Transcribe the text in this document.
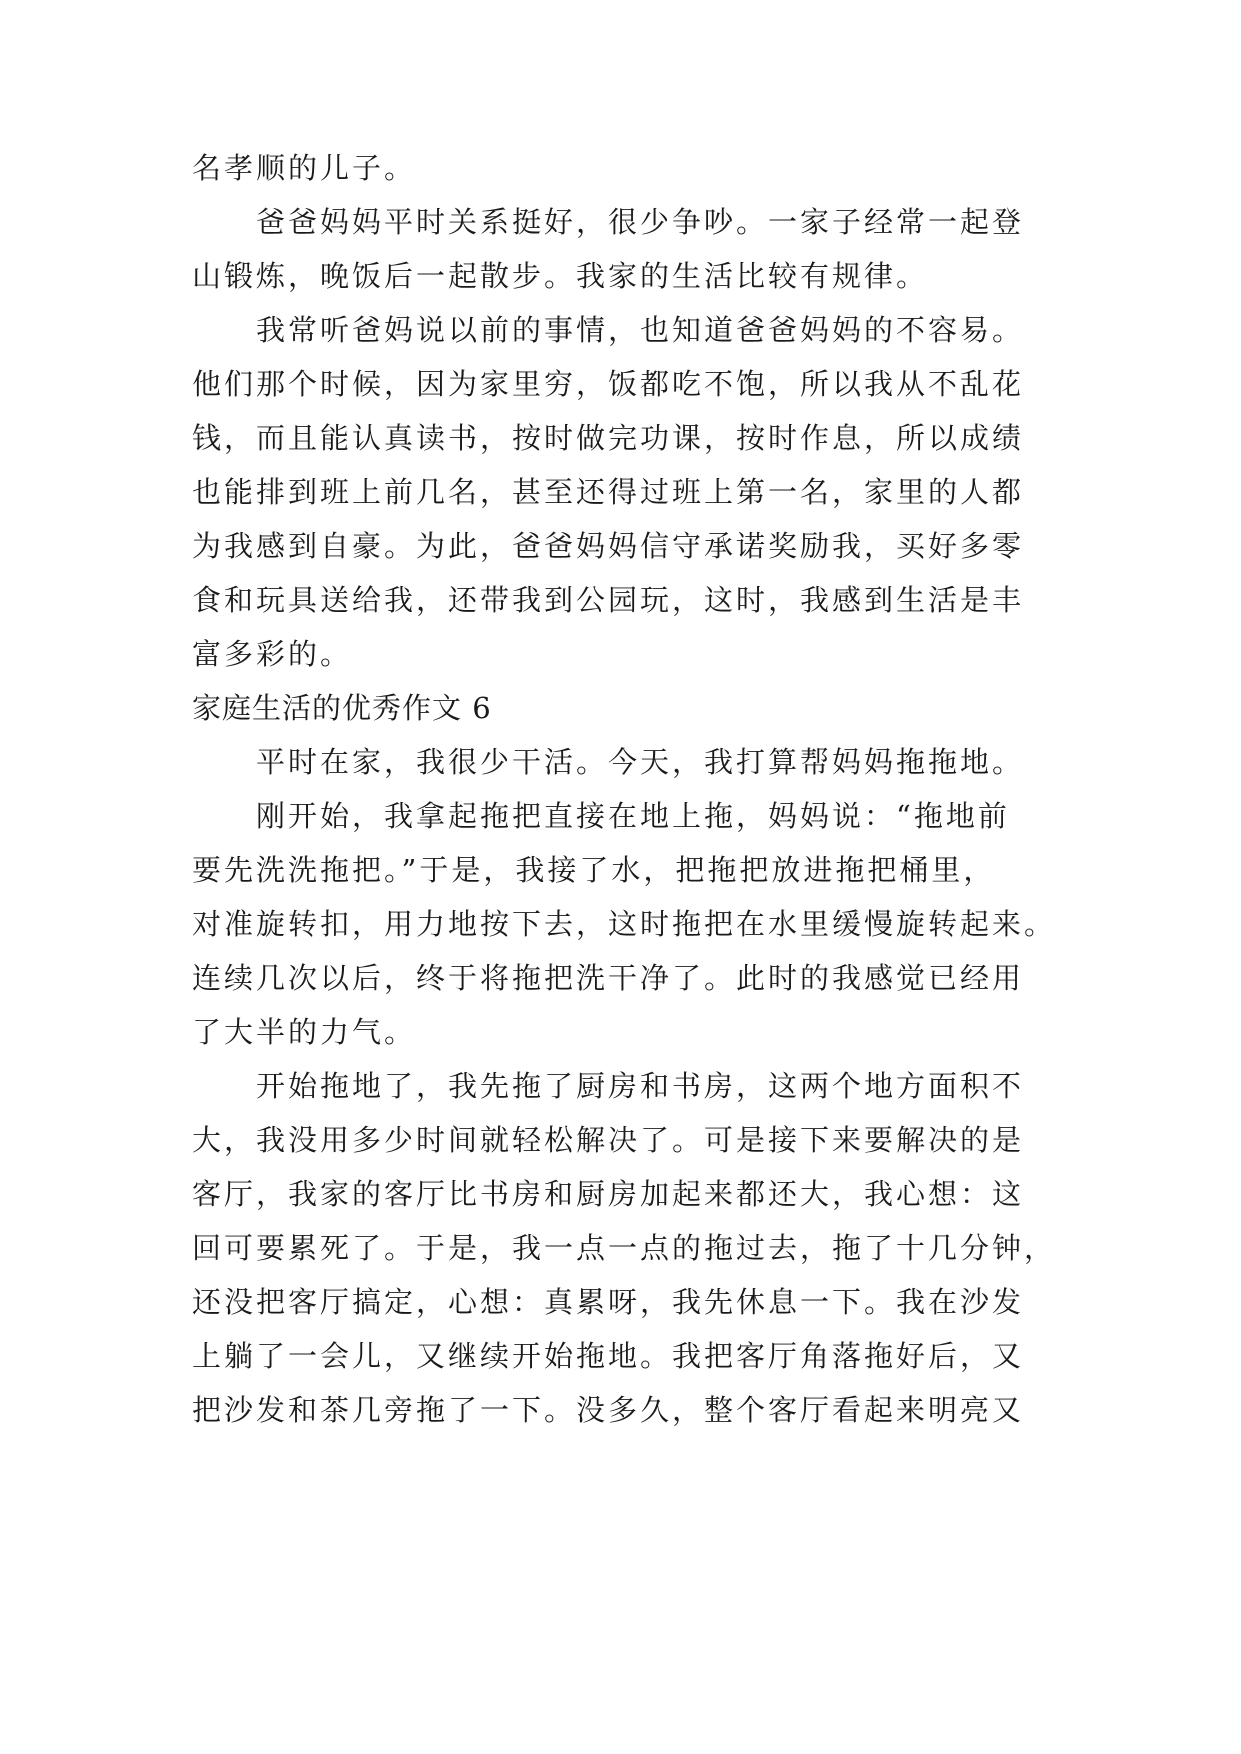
名孝顺的儿子。

　　爸爸妈妈平时关系挺好，很少争吵。一家子经常一起登

山锻炼，晚饭后一起散步。我家的生活比较有规律。

　　我常听爸妈说以前的事情，也知道爸爸妈妈的不容易。

他们那个时候，因为家里穷，饭都吃不饱，所以我从不乱花

钱，而且能认真读书，按时做完功课，按时作息，所以成绩

也能排到班上前几名，甚至还得过班上第一名，家里的人都

为我感到自豪。为此，爸爸妈妈信守承诺奖励我，买好多零

食和玩具送给我，还带我到公园玩，这时，我感到生活是丰

富多彩的。

家庭生活的优秀作文 6

　　平时在家，我很少干活。今天，我打算帮妈妈拖拖地。

　　刚开始，我拿起拖把直接在地上拖，妈妈说：“拖地前

要先洗洗拖把。”于是，我接了水，把拖把放进拖把桶里，

对准旋转扣，用力地按下去，这时拖把在水里缓慢旋转起来。

连续几次以后，终于将拖把洗干净了。此时的我感觉已经用

了大半的力气。

　　开始拖地了，我先拖了厨房和书房，这两个地方面积不

大，我没用多少时间就轻松解决了。可是接下来要解决的是

客厅，我家的客厅比书房和厨房加起来都还大，我心想：这

回可要累死了。于是，我一点一点的拖过去，拖了十几分钟，

还没把客厅搞定，心想：真累呀，我先休息一下。我在沙发

上躺了一会儿，又继续开始拖地。我把客厅角落拖好后，又

把沙发和茶几旁拖了一下。没多久，整个客厅看起来明亮又
